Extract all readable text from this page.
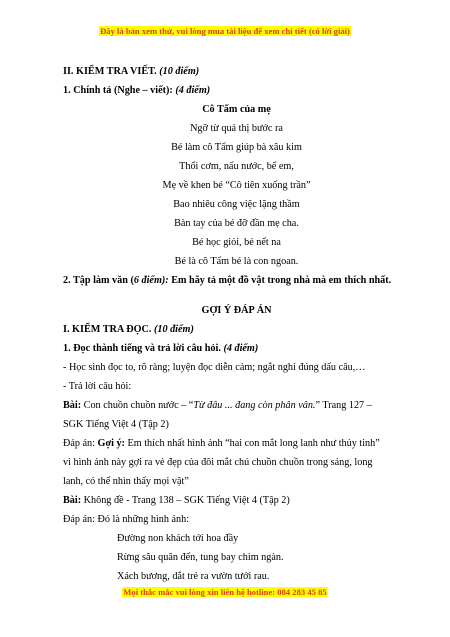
Đây là bản xem thử, vui lòng mua tài liệu để xem chi tiết (có lời giải)
II. KIỂM TRA VIẾT. (10 điểm)
1. Chính tả (Nghe – viết): (4 điểm)
Cô Tấm của mẹ
Ngỡ từ quả thị bước ra
Bé làm cô Tấm giúp bà xâu kim
Thổi cơm, nấu nước, bế em,
Mẹ về khen bé “Cô tiên xuống trần”
Bao nhiêu công việc lặng thầm
Bàn tay của bé đỡ đần mẹ cha.
Bé học giỏi, bé nết na
Bé là cô Tấm bé là con ngoan.
2. Tập làm văn (6 điểm): Em hãy tả một đồ vật trong nhà mà em thích nhất.
GỢI Ý ĐÁP ÁN
I. KIỂM TRA ĐỌC. (10 điểm)
1. Đọc thành tiếng và trả lời câu hỏi. (4 điểm)
- Học sinh đọc to, rõ ràng; luyện đọc diễn cảm; ngắt nghỉ đúng dấu câu,…
- Trả lời câu hỏi:
Bài: Con chuồn chuồn nước – “Từ đâu ... đang còn phân vân.” Trang 127 –
SGK Tiếng Việt 4 (Tập 2)
Đáp án: Gợi ý: Em thích nhất hình ảnh “hai con mắt long lanh như thủy tinh”
vì hình ảnh này gợi ra vẻ đẹp của đôi mắt chú chuồn chuồn trong sáng, long
lanh, có thể nhìn thấy mọi vật”
Bài: Không đề - Trang 138 – SGK Tiếng Việt 4 (Tập 2)
Đáp án: Đó là những hình ảnh:
Đường non khách tới hoa đầy
Rừng sâu quân đến, tung bay chim ngàn.
Xách bương, dắt trẻ ra vườn tưới rau.
Mọi thắc mắc vui lòng xin liên hệ hotline: 084 283 45 85
